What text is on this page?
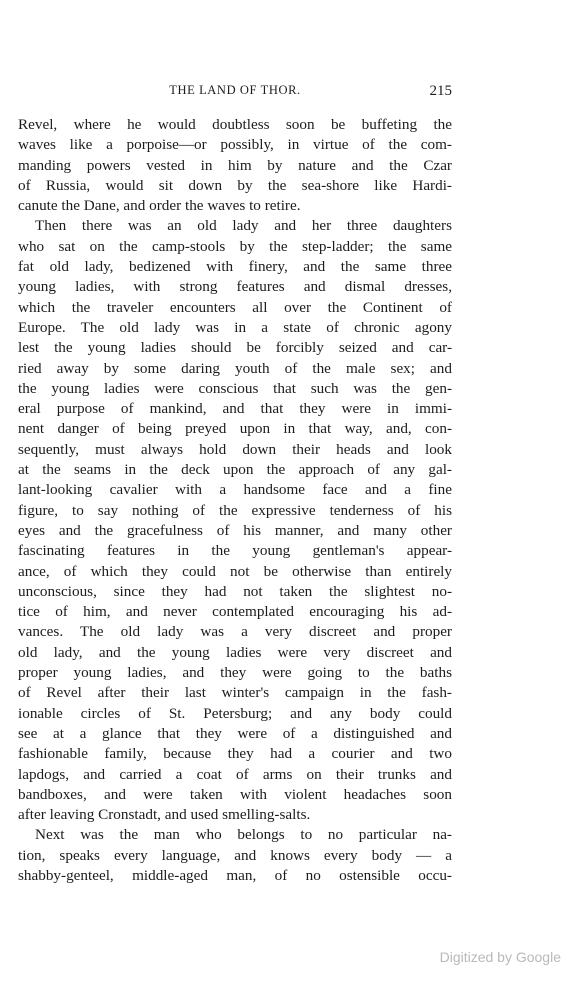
THE LAND OF THOR.	215
Revel, where he would doubtless soon be buffeting the
waves like a porpoise—or possibly, in virtue of the com-
manding powers vested in him by nature and the Czar
of Russia, would sit down by the sea-shore like Hardi-
canute the Dane, and order the waves to retire.
Then there was an old lady and her three daughters
who sat on the camp-stools by the step-ladder; the same
fat old lady, bedizened with finery, and the same three
young ladies, with strong features and dismal dresses,
which the traveler encounters all over the Continent of
Europe. The old lady was in a state of chronic agony
lest the young ladies should be forcibly seized and car-
ried away by some daring youth of the male sex; and
the young ladies were conscious that such was the gen-
eral purpose of mankind, and that they were in immi-
nent danger of being preyed upon in that way, and, con-
sequently, must always hold down their heads and look
at the seams in the deck upon the approach of any gal-
lant-looking cavalier with a handsome face and a fine
figure, to say nothing of the expressive tenderness of his
eyes and the gracefulness of his manner, and many other
fascinating features in the young gentleman's appear-
ance, of which they could not be otherwise than entirely
unconscious, since they had not taken the slightest no-
tice of him, and never contemplated encouraging his ad-
vances. The old lady was a very discreet and proper
old lady, and the young ladies were very discreet and
proper young ladies, and they were going to the baths
of Revel after their last winter's campaign in the fash-
ionable circles of St. Petersburg; and any body could
see at a glance that they were of a distinguished and
fashionable family, because they had a courier and two
lapdogs, and carried a coat of arms on their trunks and
bandboxes, and were taken with violent headaches soon
after leaving Cronstadt, and used smelling-salts.
Next was the man who belongs to no particular na-
tion, speaks every language, and knows every body — a
shabby-genteel, middle-aged man, of no ostensible occu-
Digitized by Google
